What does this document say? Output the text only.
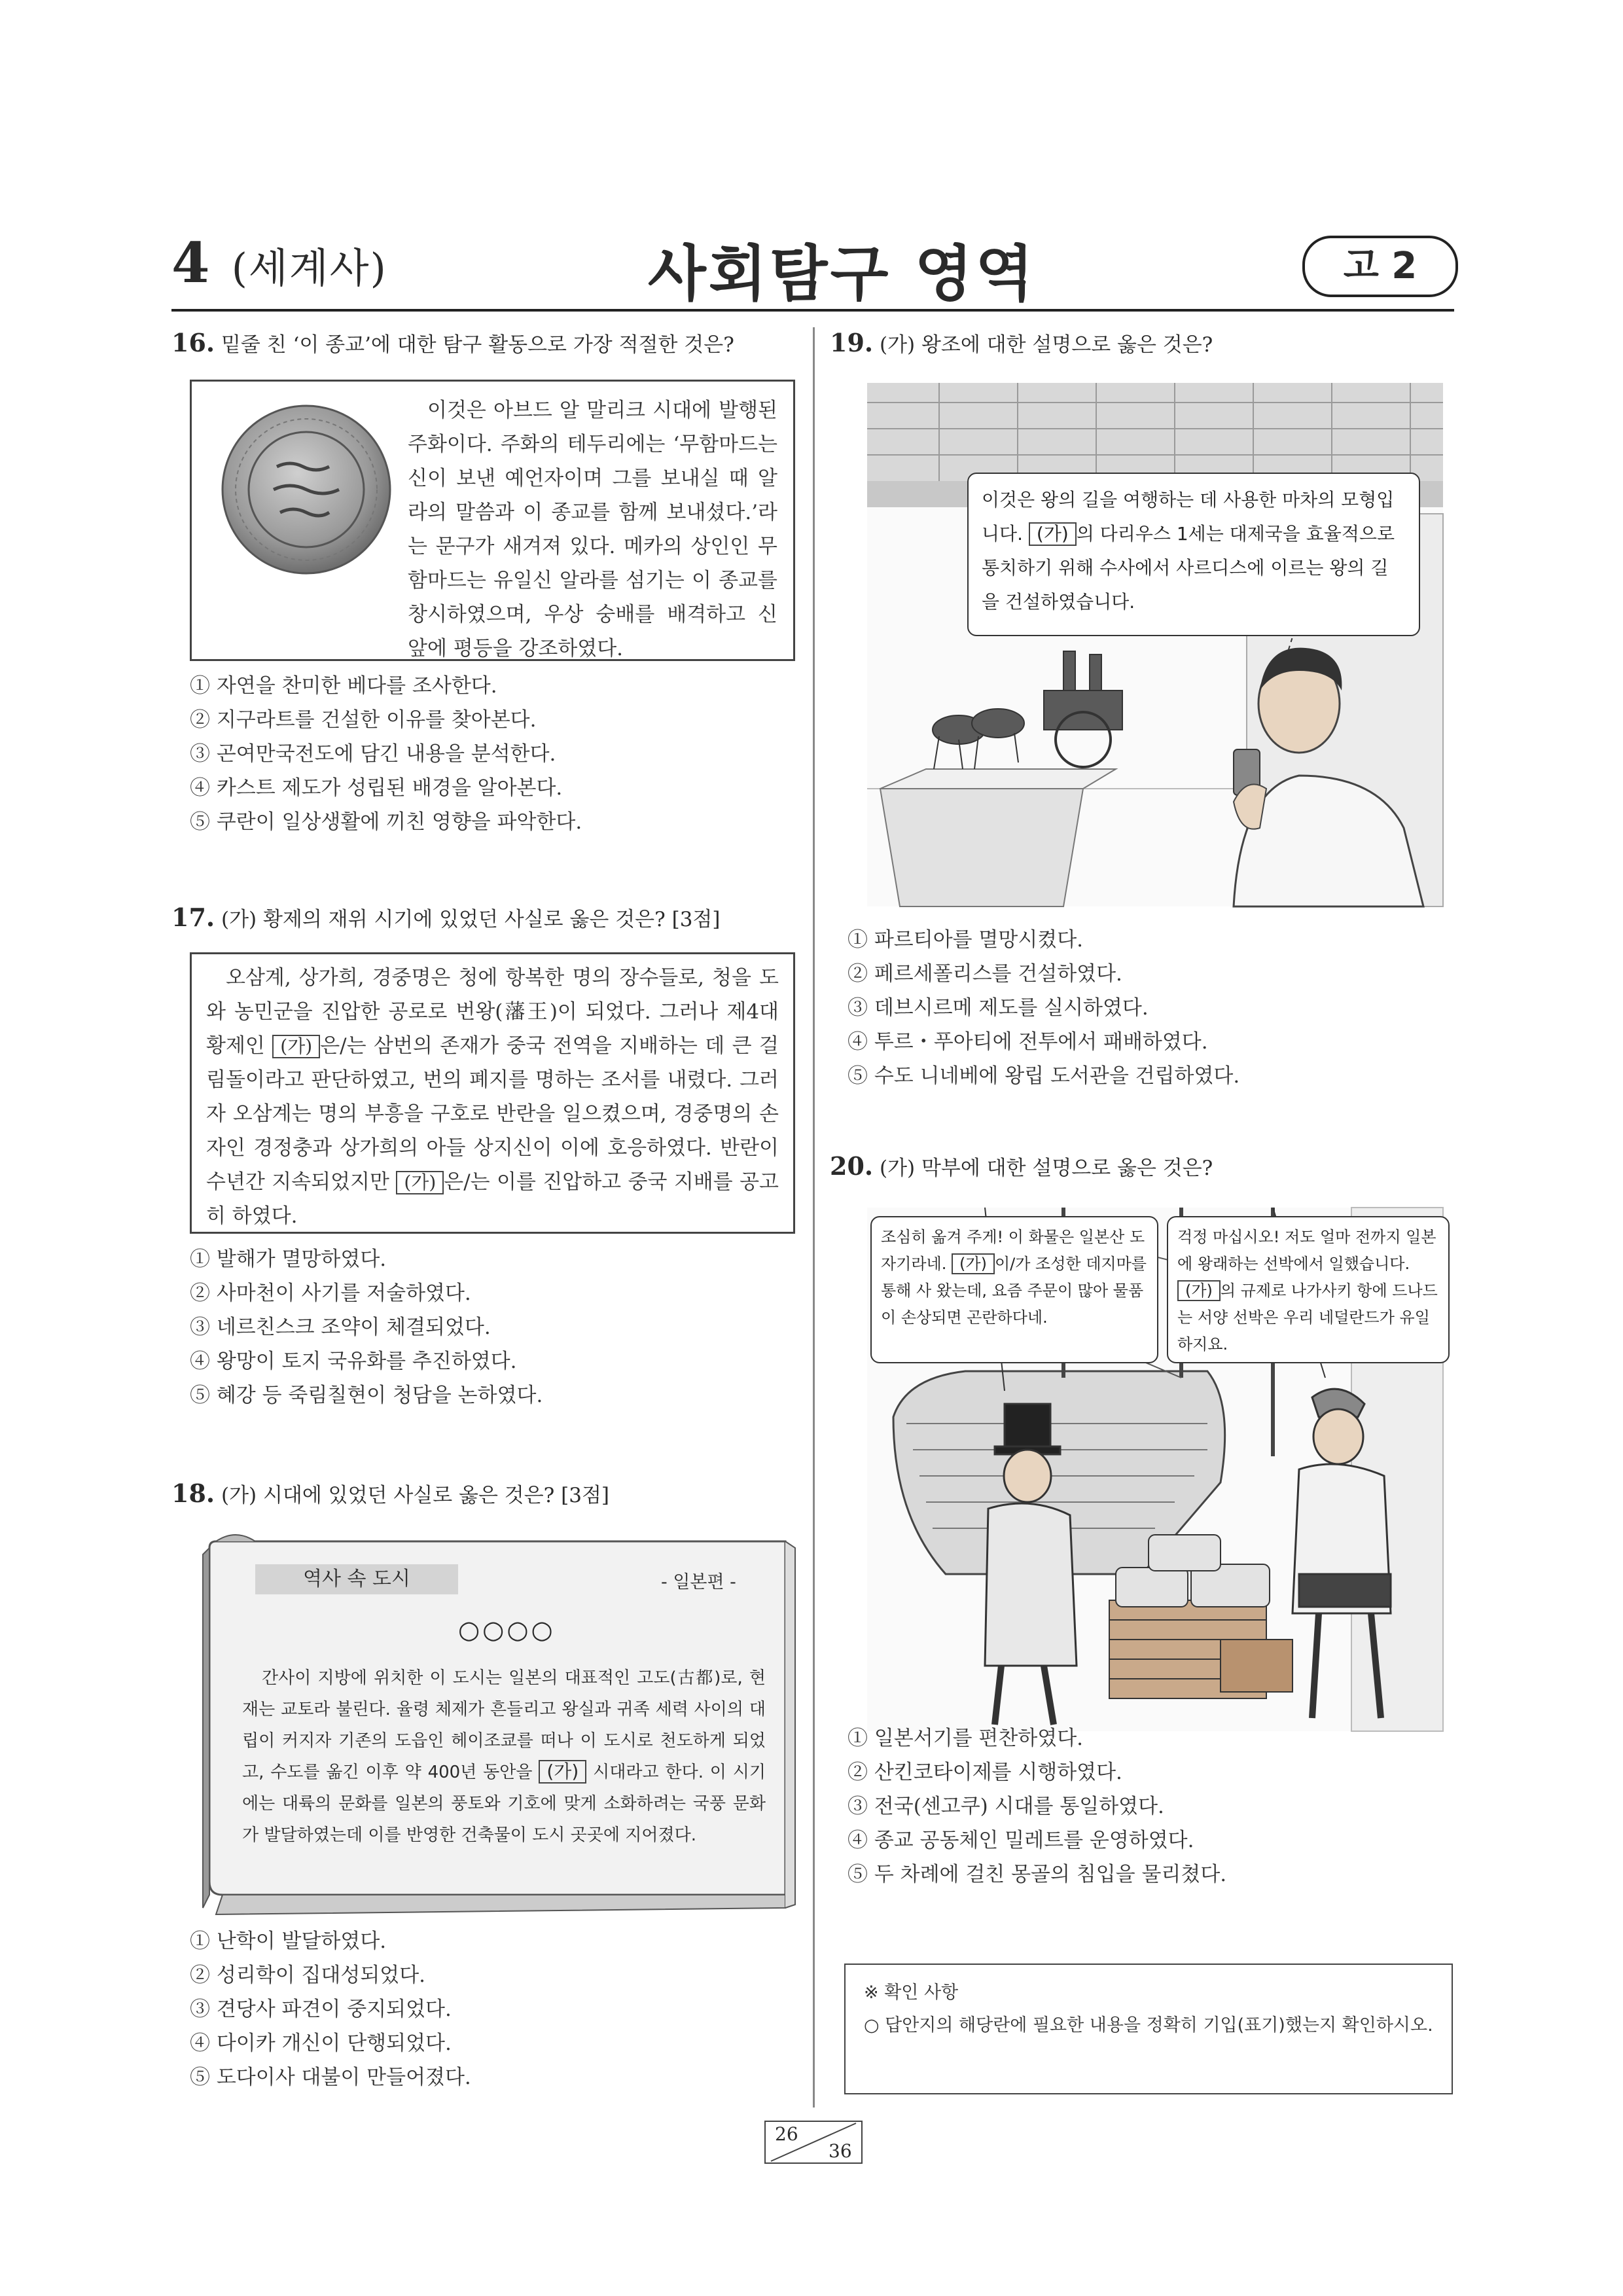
4 (세계사)	사회탐구 영역	고 2
16. 밑줄 친 ‘이 종교’에 대한 탐구 활동으로 가장 적절한 것은?
이것은 아브드 알 말리크 시대에 발행된 주화이다. 주화의 테두리에는 ‘무함마드는 신이 보낸 예언자이며 그를 보내실 때 알라의 말씀과 이 종교를 함께 보내셨다.’라는 문구가 새겨져 있다. 메카의 상인인 무함마드는 유일신 알라를 섬기는 이 종교를 창시하였으며, 우상 숭배를 배격하고 신 앞에 평등을 강조하였다.
① 자연을 찬미한 베다를 조사한다.
② 지구라트를 건설한 이유를 찾아본다.
③ 곤여만국전도에 담긴 내용을 분석한다.
④ 카스트 제도가 성립된 배경을 알아본다.
⑤ 쿠란이 일상생활에 끼친 영향을 파악한다.
17. (가) 황제의 재위 시기에 있었던 사실로 옳은 것은? [3점]
오삼계, 상가희, 경중명은 청에 항복한 명의 장수들로, 청을 도와 농민군을 진압한 공로로 번왕(藩王)이 되었다. 그러나 제4대 황제인 (가) 은/는 삼번의 존재가 중국 전역을 지배하는 데 큰 걸림돌이라고 판단하였고, 번의 폐지를 명하는 조서를 내렸다. 그러자 오삼계는 명의 부흥을 구호로 반란을 일으켰으며, 경중명의 손자인 경정충과 상가희의 아들 상지신이 이에 호응하였다. 반란이 수년간 지속되었지만 (가) 은/는 이를 진압하고 중국 지배를 공고히 하였다.
① 발해가 멸망하였다.
② 사마천이 사기를 저술하였다.
③ 네르친스크 조약이 체결되었다.
④ 왕망이 토지 국유화를 추진하였다.
⑤ 혜강 등 죽림칠현이 청담을 논하였다.
18. (가) 시대에 있었던 사실로 옳은 것은? [3점]
역사 속 도시	- 일본편 -
○○○○
간사이 지방에 위치한 이 도시는 일본의 대표적인 고도(古都)로, 현재는 교토라 불린다. 율령 체제가 흔들리고 왕실과 귀족 세력 사이의 대립이 커지자 기존의 도읍인 헤이조쿄를 떠나 이 도시로 천도하게 되었고, 수도를 옮긴 이후 약 400년 동안을 (가) 시대라고 한다. 이 시기에는 대륙의 문화를 일본의 풍토와 기호에 맞게 소화하려는 국풍 문화가 발달하였는데 이를 반영한 건축물이 도시 곳곳에 지어졌다.
① 난학이 발달하였다.
② 성리학이 집대성되었다.
③ 견당사 파견이 중지되었다.
④ 다이카 개신이 단행되었다.
⑤ 도다이사 대불이 만들어졌다.
19. (가) 왕조에 대한 설명으로 옳은 것은?
이것은 왕의 길을 여행하는 데 사용한 마차의 모형입니다. (가) 의 다리우스 1세는 대제국을 효율적으로 통치하기 위해 수사에서 사르디스에 이르는 왕의 길을 건설하였습니다.
① 파르티아를 멸망시켰다.
② 페르세폴리스를 건설하였다.
③ 데브시르메 제도를 실시하였다.
④ 투르・푸아티에 전투에서 패배하였다.
⑤ 수도 니네베에 왕립 도서관을 건립하였다.
20. (가) 막부에 대한 설명으로 옳은 것은?
조심히 옮겨 주게! 이 화물은 일본산 도자기라네. (가) 이/가 조성한 데지마를 통해 사 왔는데, 요즘 주문이 많아 물품이 손상되면 곤란하다네.
걱정 마십시오! 저도 얼마 전까지 일본에 왕래하는 선박에서 일했습니다. (가) 의 규제로 나가사키 항에 드나드는 서양 선박은 우리 네덜란드가 유일하지요.
① 일본서기를 편찬하였다.
② 산킨코타이제를 시행하였다.
③ 전국(센고쿠) 시대를 통일하였다.
④ 종교 공동체인 밀레트를 운영하였다.
⑤ 두 차례에 걸친 몽골의 침입을 물리쳤다.
※ 확인 사항
○ 답안지의 해당란에 필요한 내용을 정확히 기입(표기)했는지 확인하시오.
26
36
